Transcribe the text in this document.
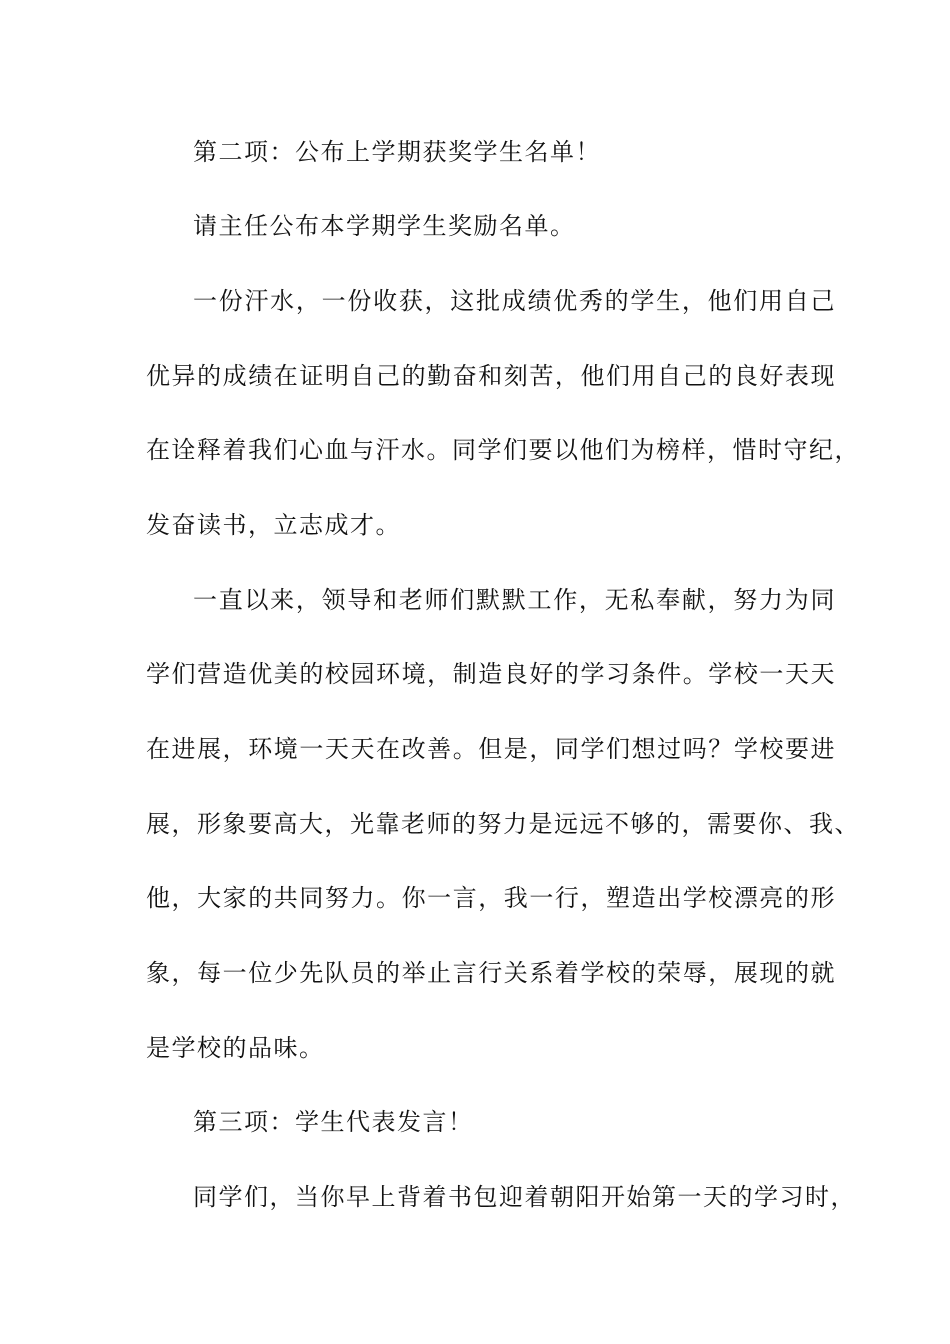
第二项：公布上学期获奖学生名单！
请主任公布本学期学生奖励名单。
一份汗水，一份收获，这批成绩优秀的学生，他们用自己
优异的成绩在证明自己的勤奋和刻苦，他们用自己的良好表现
在诠释着我们心血与汗水。同学们要以他们为榜样，惜时守纪，
发奋读书，立志成才。
一直以来，领导和老师们默默工作，无私奉献，努力为同
学们营造优美的校园环境，制造良好的学习条件。学校一天天
在进展，环境一天天在改善。但是，同学们想过吗？学校要进
展，形象要高大，光靠老师的努力是远远不够的，需要你、我、
他，大家的共同努力。你一言，我一行，塑造出学校漂亮的形
象，每一位少先队员的举止言行关系着学校的荣辱，展现的就
是学校的品味。
第三项：学生代表发言！
同学们，当你早上背着书包迎着朝阳开始第一天的学习时，
